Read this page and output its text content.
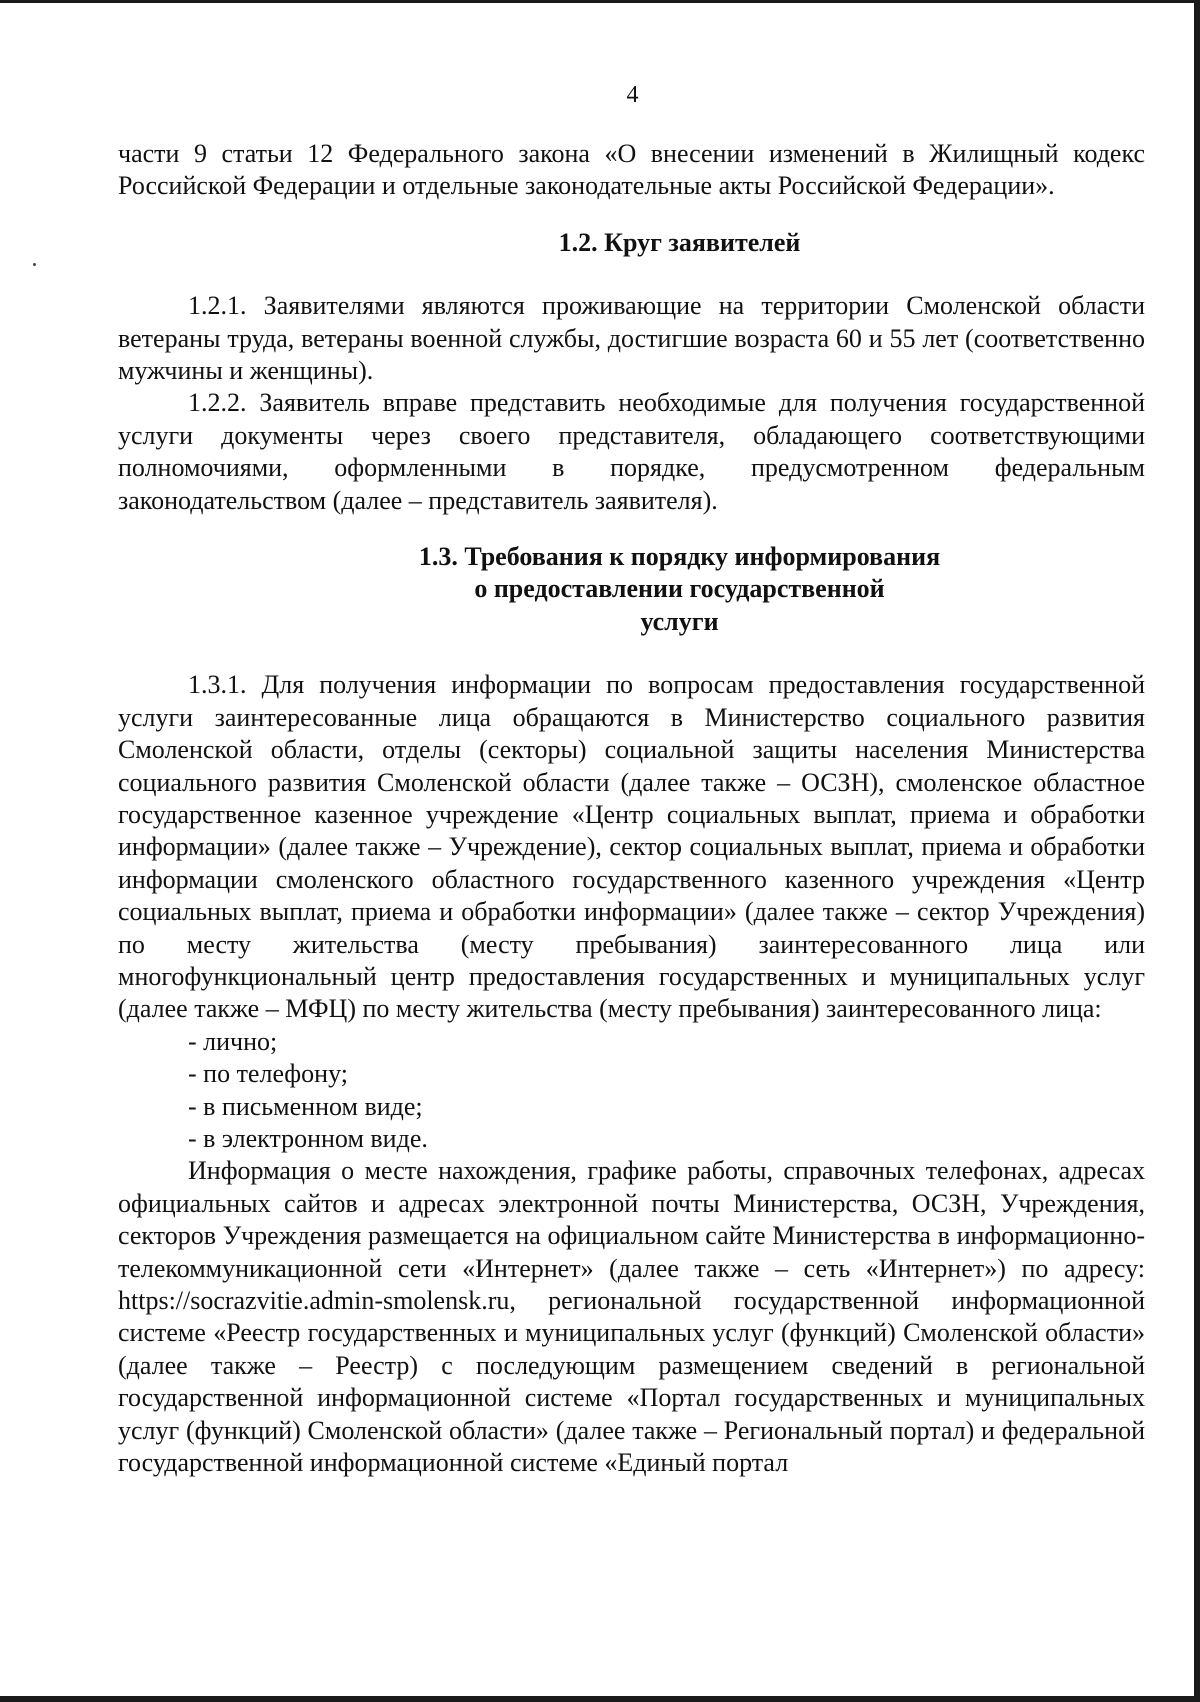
4

части 9 статьи 12 Федерального закона «О внесении изменений в Жилищный кодекс Российской Федерации и отдельные законодательные акты Российской Федерации».

1.2. Круг заявителей

1.2.1. Заявителями являются проживающие на территории Смоленской области ветераны труда, ветераны военной службы, достигшие возраста 60 и 55 лет (соответственно мужчины и женщины).

1.2.2. Заявитель вправе представить необходимые для получения государственной услуги документы через своего представителя, обладающего соответствующими полномочиями, оформленными в порядке, предусмотренном федеральным законодательством (далее – представитель заявителя).

1.3. Требования к порядку информирования
о предоставлении государственной
услуги

1.3.1. Для получения информации по вопросам предоставления государственной услуги заинтересованные лица обращаются в Министерство социального развития Смоленской области, отделы (секторы) социальной защиты населения Министерства социального развития Смоленской области (далее также – ОСЗН), смоленское областное государственное казенное учреждение «Центр социальных выплат, приема и обработки информации» (далее также – Учреждение), сектор социальных выплат, приема и обработки информации смоленского областного государственного казенного учреждения «Центр социальных выплат, приема и обработки информации» (далее также – сектор Учреждения) по месту жительства (месту пребывания) заинтересованного лица или многофункциональный центр предоставления государственных и муниципальных услуг (далее также – МФЦ) по месту жительства (месту пребывания) заинтересованного лица:

- лично;
- по телефону;
- в письменном виде;
- в электронном виде.

Информация о месте нахождения, графике работы, справочных телефонах, адресах официальных сайтов и адресах электронной почты Министерства, ОСЗН, Учреждения, секторов Учреждения размещается на официальном сайте Министерства в информационно-телекоммуникационной сети «Интернет» (далее также – сеть «Интернет») по адресу: https://socrazvitie.admin-smolensk.ru, региональной государственной информационной системе «Реестр государственных и муниципальных услуг (функций) Смоленской области» (далее также – Реестр) с последующим размещением сведений в региональной государственной информационной системе «Портал государственных и муниципальных услуг (функций) Смоленской области» (далее также – Региональный портал) и федеральной государственной информационной системе «Единый портал
